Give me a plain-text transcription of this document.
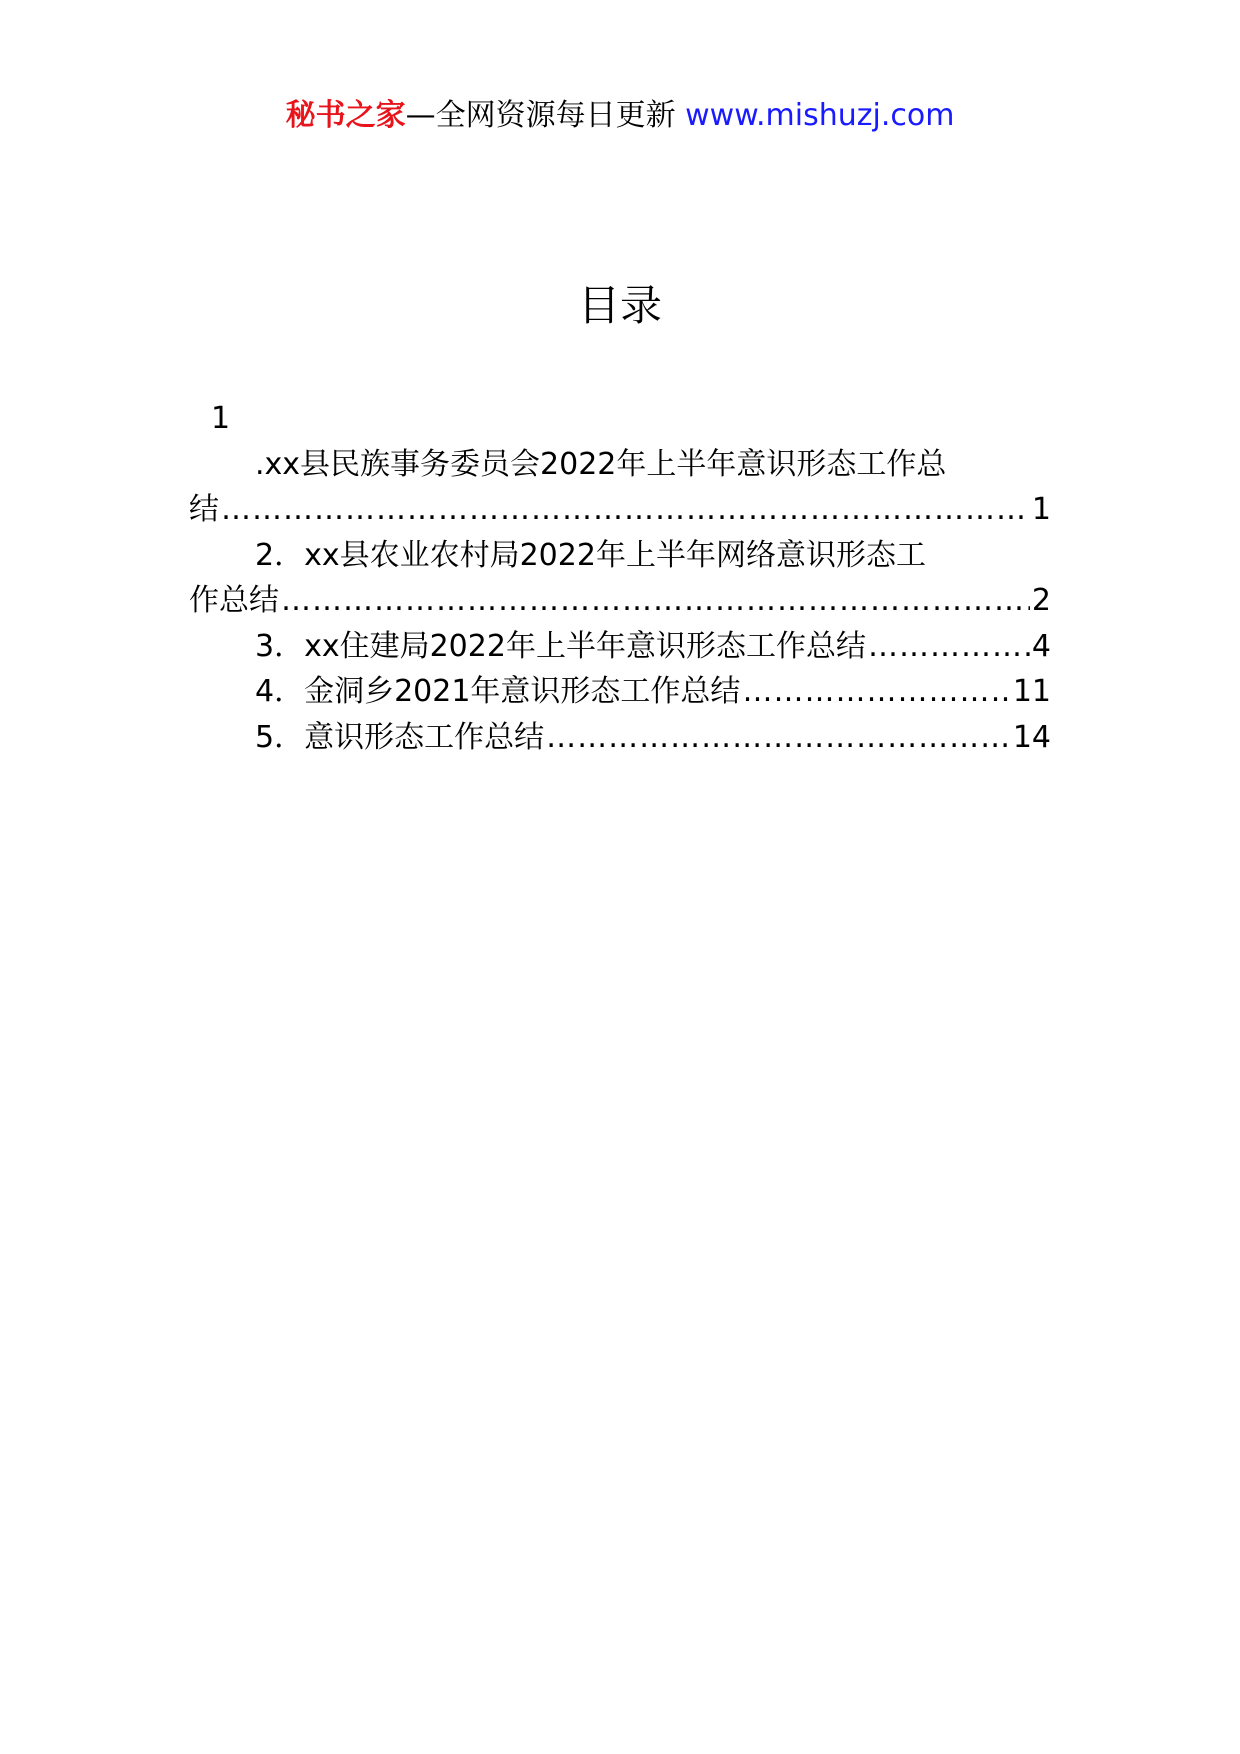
秘书之家—全网资源每日更新 www.mishuzj.com
目录
1
.xx县民族事务委员会2022年上半年意识形态工作总
结 …………………………………………………………………………………………………………………………………………………………	1
2．xx县农业农村局2022年上半年网络意识形态工
作总结 …………………………………………………………………………………………………………………………………………………………	2
3．xx住建局2022年上半年意识形态工作总结 …………………………………………………………………………………………………………………………………………………………	4
4．金洞乡2021年意识形态工作总结 …………………………………………………………………………………………………………………………………………………………	11
5．意识形态工作总结 …………………………………………………………………………………………………………………………………………………………	14
